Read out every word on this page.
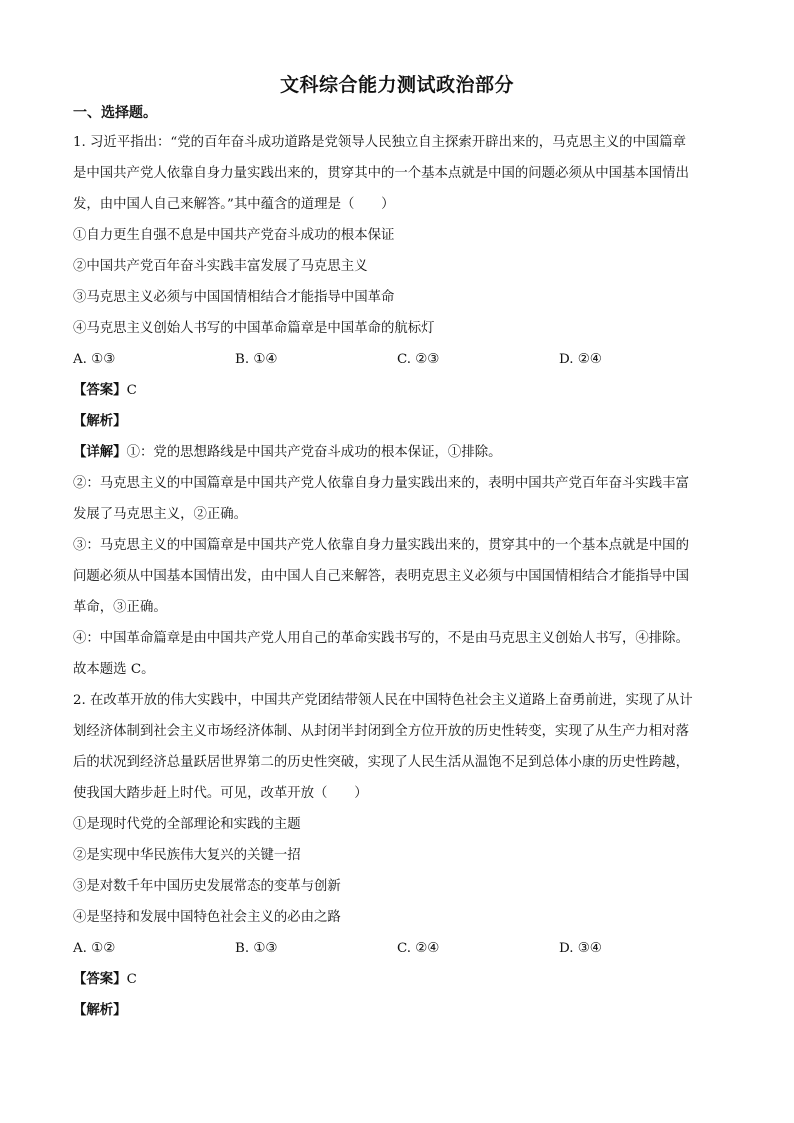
文科综合能力测试政治部分
一、选择题。

1. 习近平指出：“党的百年奋斗成功道路是党领导人民独立自主探索开辟出来的，马克思主义的中国篇章

是中国共产党人依靠自身力量实践出来的，贯穿其中的一个基本点就是中国的问题必须从中国基本国情出

发，由中国人自己来解答。”其中蕴含的道理是（　　）

①自力更生自强不息是中国共产党奋斗成功的根本保证

②中国共产党百年奋斗实践丰富发展了马克思主义

③马克思主义必须与中国国情相结合才能指导中国革命

④马克思主义创始人书写的中国革命篇章是中国革命的航标灯

A. ①③	B. ①④	C. ②③	D. ②④

【答案】C

【解析】

【详解】①：党的思想路线是中国共产党奋斗成功的根本保证，①排除。

②：马克思主义的中国篇章是中国共产党人依靠自身力量实践出来的，表明中国共产党百年奋斗实践丰富

发展了马克思主义，②正确。

③：马克思主义的中国篇章是中国共产党人依靠自身力量实践出来的，贯穿其中的一个基本点就是中国的

问题必须从中国基本国情出发，由中国人自己来解答，表明克思主义必须与中国国情相结合才能指导中国

革命，③正确。

④：中国革命篇章是由中国共产党人用自己的革命实践书写的，不是由马克思主义创始人书写，④排除。

故本题选 C。

2. 在改革开放的伟大实践中，中国共产党团结带领人民在中国特色社会主义道路上奋勇前进，实现了从计

划经济体制到社会主义市场经济体制、从封闭半封闭到全方位开放的历史性转变，实现了从生产力相对落

后的状况到经济总量跃居世界第二的历史性突破，实现了人民生活从温饱不足到总体小康的历史性跨越，

使我国大踏步赶上时代。可见，改革开放（　　）

①是现时代党的全部理论和实践的主题

②是实现中华民族伟大复兴的关键一招

③是对数千年中国历史发展常态的变革与创新

④是坚持和发展中国特色社会主义的必由之路

A. ①②	B. ①③	C. ②④	D. ③④

【答案】C

【解析】
